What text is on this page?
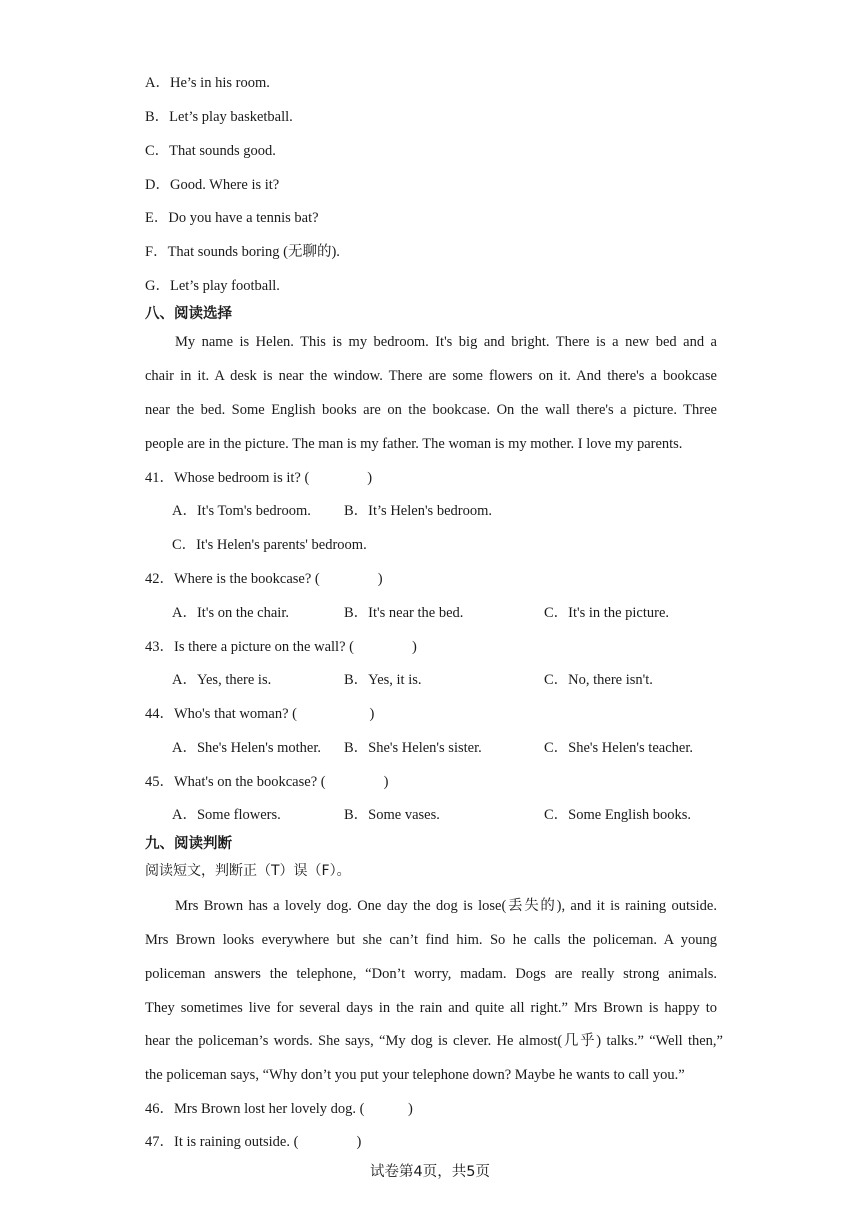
A．He’s in his room.
B．Let’s play basketball.
C．That sounds good.
D．Good. Where is it?
E．Do you have a tennis bat?
F．That sounds boring (无聊的).
G．Let’s play football.
八、阅读选择
My name is Helen. This is my bedroom. It's big and bright. There is a new bed and a
chair in it. A desk is near the window. There are some flowers on it. And there's a bookcase
near the bed. Some English books are on the bookcase. On the wall there's a picture. Three
people are in the picture. The man is my father. The woman is my mother. I love my parents.
41．Whose bedroom is it? (　　　　)
A．It's Tom's bedroom. B．It’s Helen's bedroom.
C．It's Helen's parents' bedroom.
42．Where is the bookcase? (　　　　)
A．It's on the chair.	B．It's near the bed.	C．It's in the picture.
43．Is there a picture on the wall? (　　　　)
A．Yes, there is.	B．Yes, it is.	C．No, there isn't.
44．Who's that woman? (　　　　　)
A．She's Helen's mother. B．She's Helen's sister.	C．She's Helen's teacher.
45．What's on the bookcase? (　　　　)
A．Some flowers.	B．Some vases.	C．Some English books.
九、阅读判断
阅读短文，判断正（T）误（F）。
Mrs Brown has a lovely dog. One day the dog is lose(丢失的), and it is raining outside.
Mrs Brown looks everywhere but she can’t find him. So he calls the policeman. A young
policeman answers the telephone, “Don’t worry, madam. Dogs are really strong animals.
They sometimes live for several days in the rain and quite all right.” Mrs Brown is happy to
hear the policeman’s words. She says, “My dog is clever. He almost(几乎) talks.” “Well then,”
the policeman says, “Why don’t you put your telephone down? Maybe he wants to call you.”
46．Mrs Brown lost her lovely dog. (　　　)
47．It is raining outside. (　　　　)
试卷第4页，共5页
